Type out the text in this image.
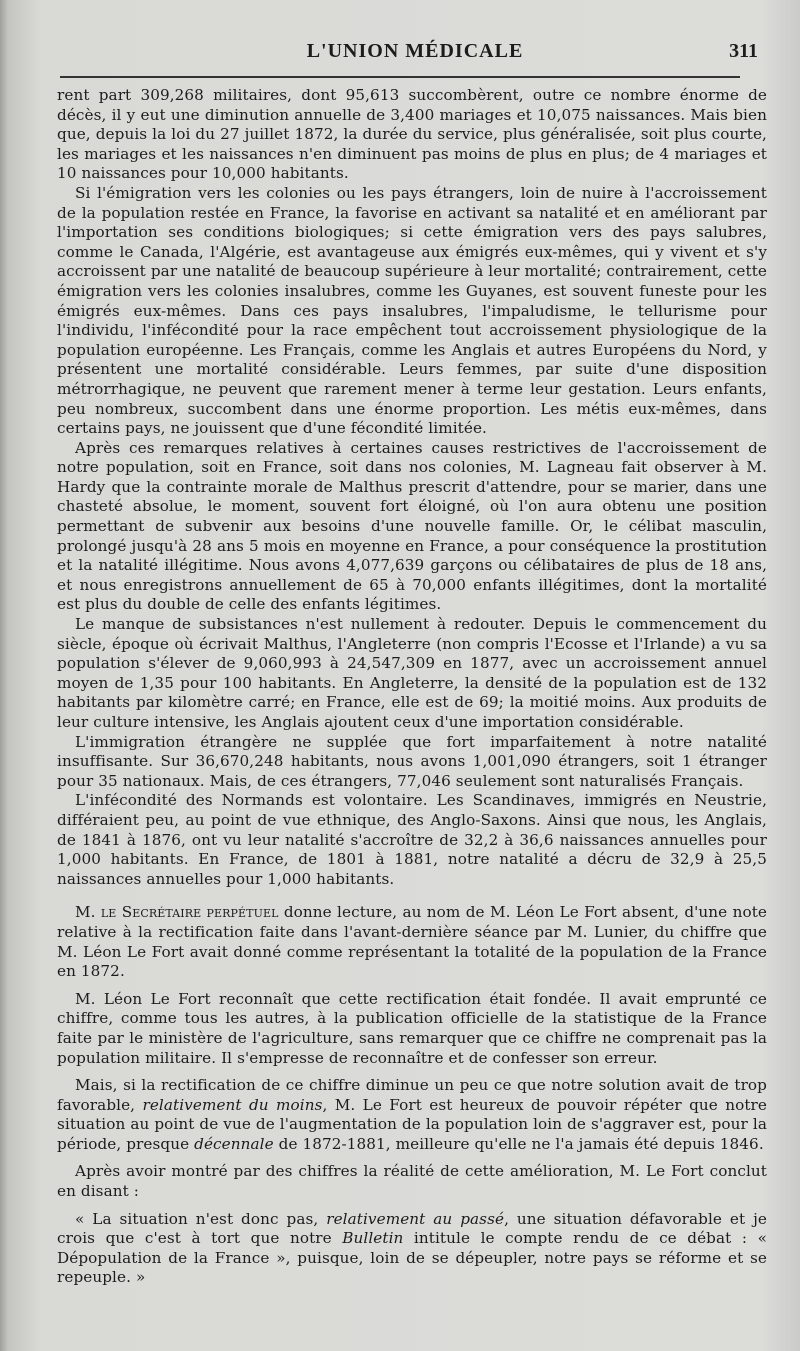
L'UNION MÉDICALE	311

rent part 309,268 militaires, dont 95,613 succombèrent, outre ce nombre énorme de décès, il y eut une diminution annuelle de 3,400 mariages et 10,075 naissances. Mais bien que, depuis la loi du 27 juillet 1872, la durée du service, plus généralisée, soit plus courte, les mariages et les naissances n'en diminuent pas moins de plus en plus; de 4 mariages et 10 naissances pour 10,000 habitants.

Si l'émigration vers les colonies ou les pays étrangers, loin de nuire à l'accroissement de la population restée en France, la favorise en activant sa natalité et en améliorant par l'importation ses conditions biologiques; si cette émigration vers des pays salubres, comme le Canada, l'Algérie, est avantageuse aux émigrés eux-mêmes, qui y vivent et s'y accroissent par une natalité de beaucoup supérieure à leur mortalité; contrairement, cette émigration vers les colonies insalubres, comme les Guyanes, est souvent funeste pour les émigrés eux-mêmes. Dans ces pays insalubres, l'impaludisme, le tellurisme pour l'individu, l'infécondité pour la race empêchent tout accroissement physiologique de la population européenne. Les Français, comme les Anglais et autres Européens du Nord, y présentent une mortalité considérable. Leurs femmes, par suite d'une disposition métrorrhagique, ne peuvent que rarement mener à terme leur gestation. Leurs enfants, peu nombreux, succombent dans une énorme proportion. Les métis eux-mêmes, dans certains pays, ne jouissent que d'une fécondité limitée.

Après ces remarques relatives à certaines causes restrictives de l'accroissement de notre population, soit en France, soit dans nos colonies, M. Lagneau fait observer à M. Hardy que la contrainte morale de Malthus prescrit d'attendre, pour se marier, dans une chasteté absolue, le moment, souvent fort éloigné, où l'on aura obtenu une position permettant de subvenir aux besoins d'une nouvelle famille. Or, le célibat masculin, prolongé jusqu'à 28 ans 5 mois en moyenne en France, a pour conséquence la prostitution et la natalité illégitime. Nous avons 4,077,639 garçons ou célibataires de plus de 18 ans, et nous enregistrons annuellement de 65 à 70,000 enfants illégitimes, dont la mortalité est plus du double de celle des enfants légitimes.

Le manque de subsistances n'est nullement à redouter. Depuis le commencement du siècle, époque où écrivait Malthus, l'Angleterre (non compris l'Ecosse et l'Irlande) a vu sa population s'élever de 9,060,993 à 24,547,309 en 1877, avec un accroissement annuel moyen de 1,35 pour 100 habitants. En Angleterre, la densité de la population est de 132 habitants par kilomètre carré; en France, elle est de 69; la moitié moins. Aux produits de leur culture intensive, les Anglais ajoutent ceux d'une importation considérable.

L'immigration étrangère ne supplée que fort imparfaitement à notre natalité insuffisante. Sur 36,670,248 habitants, nous avons 1,001,090 étrangers, soit 1 étranger pour 35 nationaux. Mais, de ces étrangers, 77,046 seulement sont naturalisés Français.

L'infécondité des Normands est volontaire. Les Scandinaves, immigrés en Neustrie, différaient peu, au point de vue ethnique, des Anglo-Saxons. Ainsi que nous, les Anglais, de 1841 à 1876, ont vu leur natalité s'accroître de 32,2 à 36,6 naissances annuelles pour 1,000 habitants. En France, de 1801 à 1881, notre natalité a décru de 32,9 à 25,5 naissances annuelles pour 1,000 habitants.

M. le Secrétaire perpétuel donne lecture, au nom de M. Léon Le Fort absent, d'une note relative à la rectification faite dans l'avant-dernière séance par M. Lunier, du chiffre que M. Léon Le Fort avait donné comme représentant la totalité de la population de la France en 1872.

M. Léon Le Fort reconnaît que cette rectification était fondée. Il avait emprunté ce chiffre, comme tous les autres, à la publication officielle de la statistique de la France faite par le ministère de l'agriculture, sans remarquer que ce chiffre ne comprenait pas la population militaire. Il s'empresse de reconnaître et de confesser son erreur.

Mais, si la rectification de ce chiffre diminue un peu ce que notre solution avait de trop favorable, relativement du moins, M. Le Fort est heureux de pouvoir répéter que notre situation au point de vue de l'augmentation de la population loin de s'aggraver est, pour la période, presque décennale de 1872-1881, meilleure qu'elle ne l'a jamais été depuis 1846.

Après avoir montré par des chiffres la réalité de cette amélioration, M. Le Fort conclut en disant :

« La situation n'est donc pas, relativement au passé, une situation défavorable et je crois que c'est à tort que notre Bulletin intitule le compte rendu de ce débat : « Dépopulation de la France », puisque, loin de se dépeupler, notre pays se réforme et se repeuple. »
